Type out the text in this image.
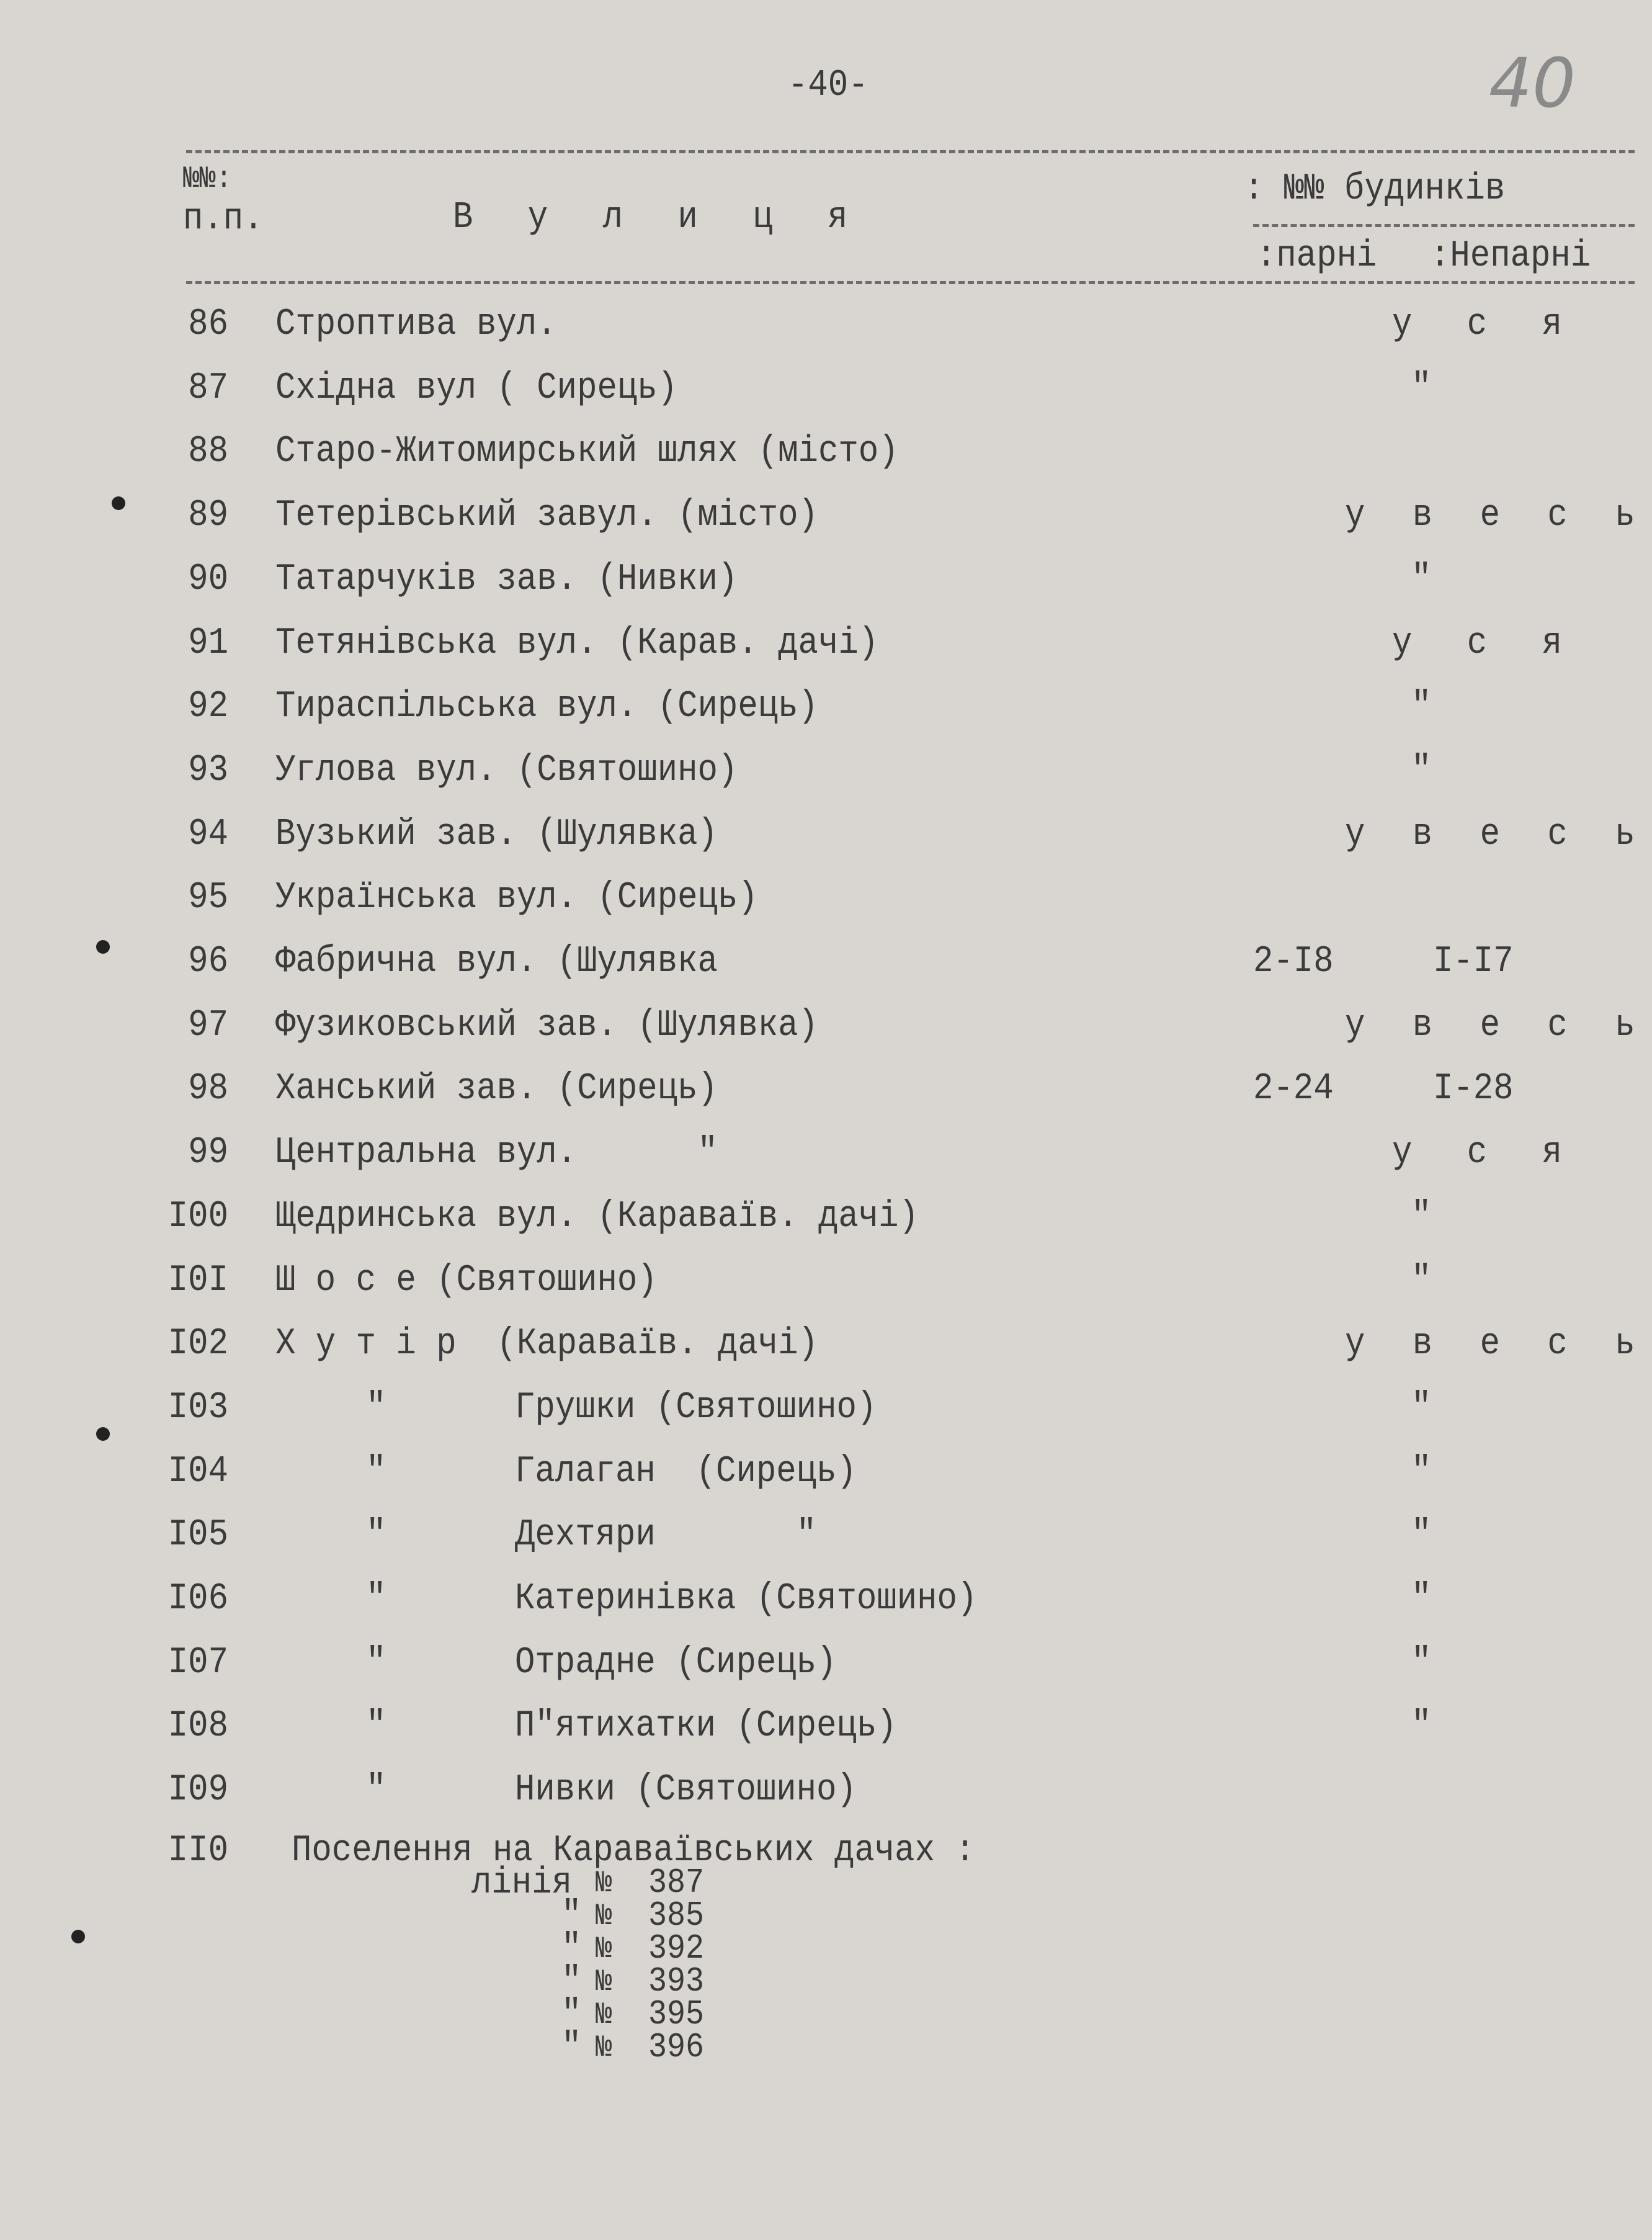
-40-	40
№№:
п.п.	В у л и ц я
: №№ будинків
:парні :Непарні
86 Строптива вул.	у с я
87 Східна вул ( Сирець)	"
88 Старо-Житомирський шлях (місто)
89 Тетерівський завул. (місто)	у в е с ь
90 Татарчуків зав. (Нивки)	"
91 Тетянівська вул. (Карав. дачі)	у с я
92 Тираспільська вул. (Сирець)	"
93 Углова вул. (Святошино)	"
94 Вузький зав. (Шулявка)	у в е с ь
95 Українська вул. (Сирець)
96 Фабрична вул. (Шулявка	2-I8	I-I7
97 Фузиковський зав. (Шулявка)	у в е с ь
98 Ханський зав. (Сирець)	2-24	I-28
99 Центральна вул.      "	у с я
I00 Щедринська вул. (Караваїв. дачі)	"
I0I Ш о с е (Святошино)	"
I02 Х у т і р  (Караваїв. дачі)	у в е с ь
I03	"	Грушки (Святошино)	"
I04	"	Галаган  (Сирець)	"
I05	"	Дехтяри       "	"
I06	"	Катеринівка (Святошино)	"
I07	"	Отрадне (Сирець)	"
I08	"	П"ятихатки (Сирець)	"
I09	"	Нивки (Святошино)
II0 Поселення на Караваївських дачах :
лінія № 387
" № 385
" № 392
" № 393
" № 395
" № 396
